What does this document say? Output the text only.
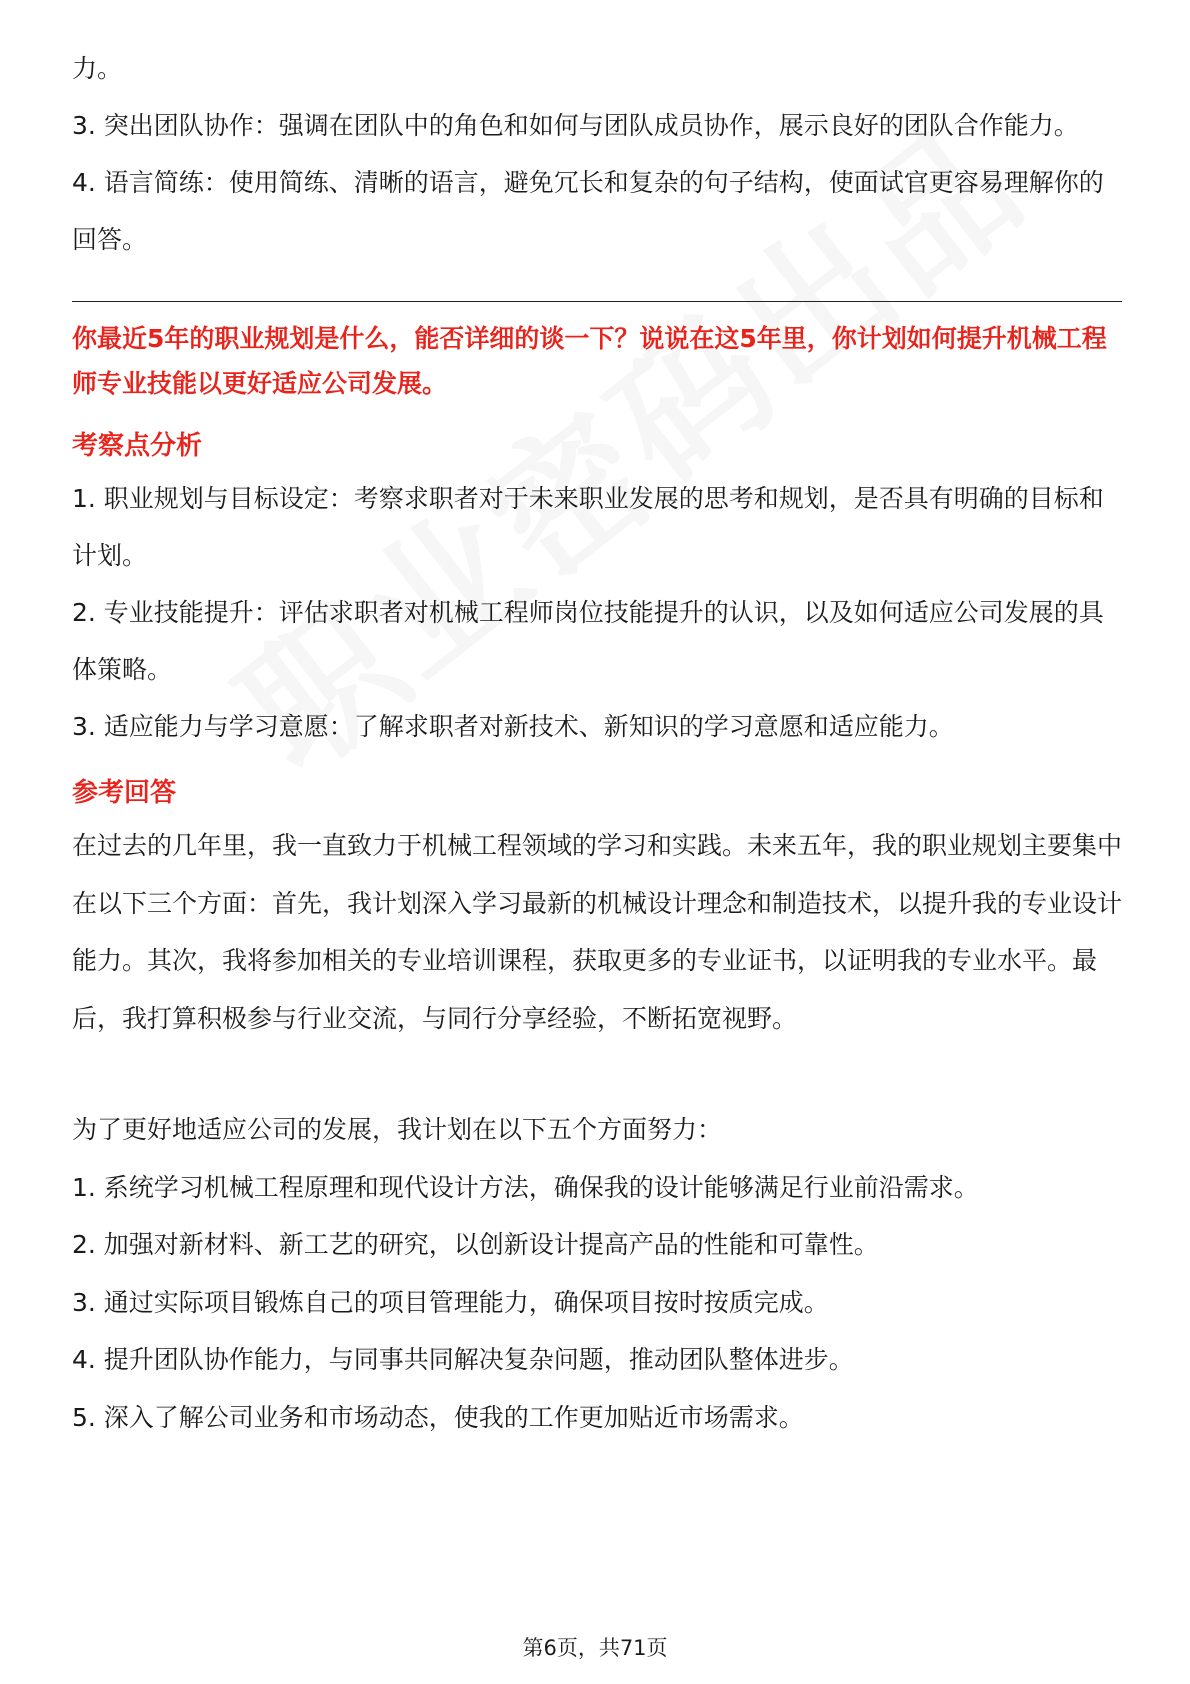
力。

3. 突出团队协作：强调在团队中的角色和如何与团队成员协作，展示良好的团队合作能力。

4. 语言简练：使用简练、清晰的语言，避免冗长和复杂的句子结构，使面试官更容易理解你的回答。

你最近5年的职业规划是什么，能否详细的谈一下？说说在这5年里，你计划如何提升机械工程师专业技能以更好适应公司发展。

考察点分析

1. 职业规划与目标设定：考察求职者对于未来职业发展的思考和规划，是否具有明确的目标和计划。

2. 专业技能提升：评估求职者对机械工程师岗位技能提升的认识，以及如何适应公司发展的具体策略。

3. 适应能力与学习意愿：了解求职者对新技术、新知识的学习意愿和适应能力。

参考回答

在过去的几年里，我一直致力于机械工程领域的学习和实践。未来五年，我的职业规划主要集中在以下三个方面：首先，我计划深入学习最新的机械设计理念和制造技术，以提升我的专业设计能力。其次，我将参加相关的专业培训课程，获取更多的专业证书，以证明我的专业水平。最后，我打算积极参与行业交流，与同行分享经验，不断拓宽视野。

为了更好地适应公司的发展，我计划在以下五个方面努力：

1. 系统学习机械工程原理和现代设计方法，确保我的设计能够满足行业前沿需求。

2. 加强对新材料、新工艺的研究，以创新设计提高产品的性能和可靠性。

3. 通过实际项目锻炼自己的项目管理能力，确保项目按时按质完成。

4. 提升团队协作能力，与同事共同解决复杂问题，推动团队整体进步。

5. 深入了解公司业务和市场动态，使我的工作更加贴近市场需求。

第6页，共71页
